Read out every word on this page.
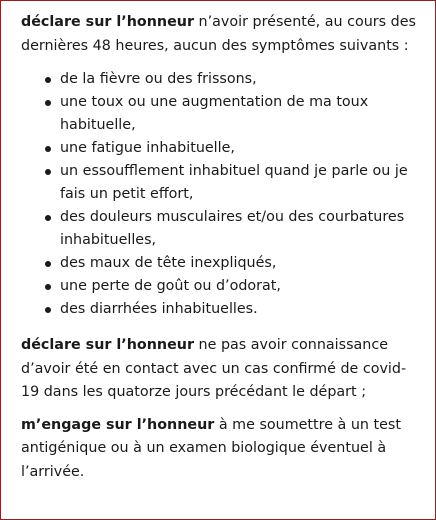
déclare sur l’honneur n’avoir présenté, au cours des dernières 48 heures, aucun des symptômes suivants :

de la fièvre ou des frissons,
une toux ou une augmentation de ma toux habituelle,
une fatigue inhabituelle,
un essoufflement inhabituel quand je parle ou je fais un petit effort,
des douleurs musculaires et/ou des courbatures inhabituelles,
des maux de tête inexpliqués,
une perte de goût ou d’odorat,
des diarrhées inhabituelles.

déclare sur l’honneur ne pas avoir connaissance d’avoir été en contact avec un cas confirmé de covid-19 dans les quatorze jours précédant le départ ;

m’engage sur l’honneur à me soumettre à un test antigénique ou à un examen biologique éventuel à l’arrivée.
